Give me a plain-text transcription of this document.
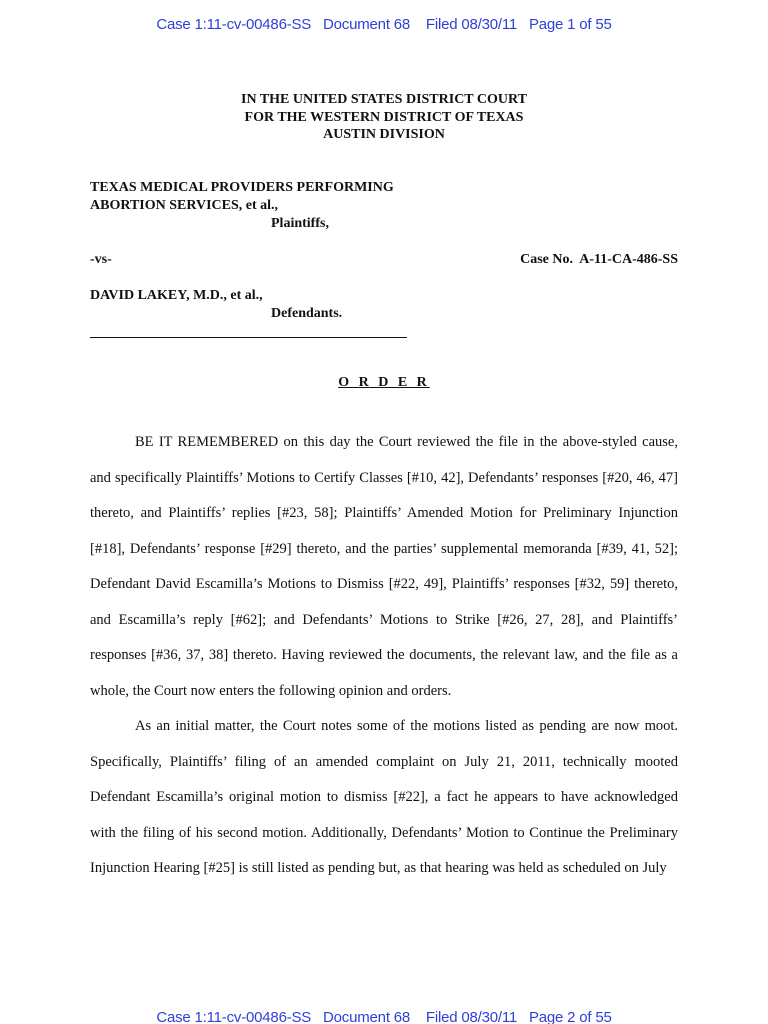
Case 1:11-cv-00486-SS   Document 68    Filed 08/30/11   Page 1 of 55
IN THE UNITED STATES DISTRICT COURT
FOR THE WESTERN DISTRICT OF TEXAS
AUSTIN DIVISION
TEXAS MEDICAL PROVIDERS PERFORMING
ABORTION SERVICES, et al.,
Plaintiffs,
-vs-	Case No.  A-11-CA-486-SS
DAVID LAKEY, M.D., et al.,
Defendants.
O R D E R

BE IT REMEMBERED on this day the Court reviewed the file in the above-styled cause, and specifically Plaintiffs’ Motions to Certify Classes [#10, 42], Defendants’ responses [#20, 46, 47] thereto, and Plaintiffs’ replies [#23, 58]; Plaintiffs’ Amended Motion for Preliminary Injunction [#18], Defendants’ response [#29] thereto, and the parties’ supplemental memoranda [#39, 41, 52]; Defendant David Escamilla’s Motions to Dismiss [#22, 49], Plaintiffs’ responses [#32, 59] thereto, and Escamilla’s reply [#62]; and Defendants’ Motions to Strike [#26, 27, 28], and Plaintiffs’ responses [#36, 37, 38] thereto. Having reviewed the documents, the relevant law, and the file as a whole, the Court now enters the following opinion and orders.

As an initial matter, the Court notes some of the motions listed as pending are now moot. Specifically, Plaintiffs’ filing of an amended complaint on July 21, 2011, technically mooted Defendant Escamilla’s original motion to dismiss [#22], a fact he appears to have acknowledged with the filing of his second motion. Additionally, Defendants’ Motion to Continue the Preliminary Injunction Hearing [#25] is still listed as pending but, as that hearing was held as scheduled on July

Case 1:11-cv-00486-SS   Document 68    Filed 08/30/11   Page 2 of 55
